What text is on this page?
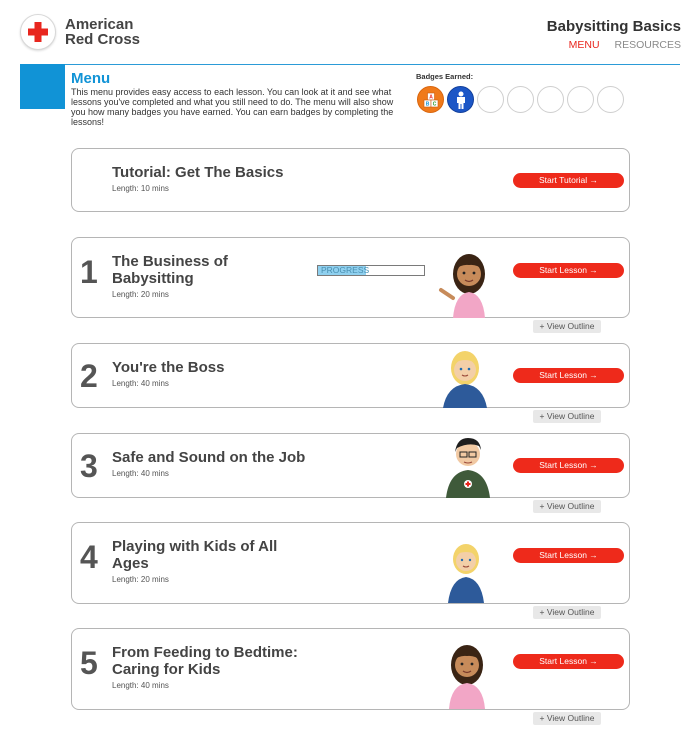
American
Red Cross
Babysitting Basics
MENU RESOURCES
Menu
This menu provides easy access to each lesson. You can look at it and see what lessons you've completed and what you still need to do. The menu will also show you how many badges you have earned. You can earn badges by completing the lessons!
Badges Earned:
A
B C
Tutorial: Get The Basics
Length: 10 mins
Start Tutorial →
1 The Business of Babysitting
Length: 20 mins
PROGRESS	Start Lesson →
+ View Outline
2 You're the Boss
Length: 40 mins
Start Lesson →
+ View Outline
3 Safe and Sound on the Job
Length: 40 mins
Start Lesson →
+ View Outline
4 Playing with Kids of All Ages
Length: 20 mins
Start Lesson →
+ View Outline
5 From Feeding to Bedtime: Caring for Kids
Length: 40 mins
Start Lesson →
+ View Outline
